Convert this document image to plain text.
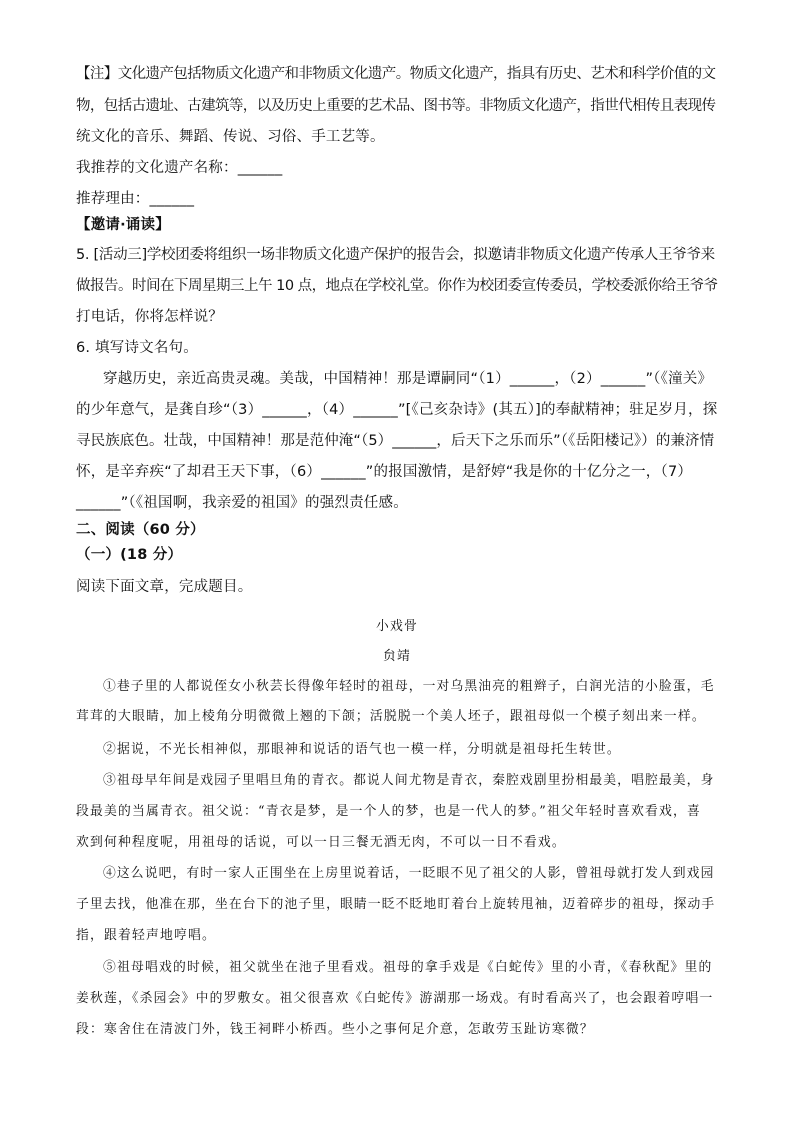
【注】文化遗产包括物质文化遗产和非物质文化遗产。物质文化遗产，指具有历史、艺术和科学价值的文
物，包括古遗址、古建筑等，以及历史上重要的艺术品、图书等。非物质文化遗产，指世代相传且表现传
统文化的音乐、舞蹈、传说、习俗、手工艺等。
我推荐的文化遗产名称：______
推荐理由：______
【邀请·诵读】
5. [活动三]学校团委将组织一场非物质文化遗产保护的报告会，拟邀请非物质文化遗产传承人王爷爷来
做报告。时间在下周星期三上午 10 点，地点在学校礼堂。你作为校团委宣传委员，学校委派你给王爷爷
打电话，你将怎样说？
6. 填写诗文名句。
穿越历史，亲近高贵灵魂。美哉，中国精神！那是谭嗣同“（1）______，（2）______”（《潼关》
的少年意气，是龚自珍“（3）______，（4）______”[《己亥杂诗》(其五）]的奉献精神；驻足岁月，探
寻民族底色。壮哉，中国精神！那是范仲淹“（5）______，后天下之乐而乐”（《岳阳楼记》）的兼济情
怀，是辛弃疾“了却君王天下事，（6）______”的报国激情，是舒婷“我是你的十亿分之一，（7）
______”（《祖国啊，我亲爱的祖国》的强烈责任感。
二、阅读（60 分）
（一）(18 分）
阅读下面文章，完成题目。
小戏骨
贠靖
①巷子里的人都说侄女小秋芸长得像年轻时的祖母，一对乌黑油亮的粗辫子，白润光洁的小脸蛋，毛
茸茸的大眼睛，加上棱角分明微微上翘的下颌；活脱脱一个美人坯子，跟祖母似一个模子刻出来一样。
②据说，不光长相神似，那眼神和说话的语气也一模一样，分明就是祖母托生转世。
③祖母早年间是戏园子里唱旦角的青衣。都说人间尤物是青衣，秦腔戏剧里扮相最美，唱腔最美，身
段最美的当属青衣。祖父说：“青衣是梦，是一个人的梦，也是一代人的梦。”祖父年轻时喜欢看戏，喜
欢到何种程度呢，用祖母的话说，可以一日三餐无酒无肉，不可以一日不看戏。
④这么说吧，有时一家人正围坐在上房里说着话，一眨眼不见了祖父的人影，曾祖母就打发人到戏园
子里去找，他准在那，坐在台下的池子里，眼睛一眨不眨地盯着台上旋转甩袖，迈着碎步的祖母，探动手
指，跟着轻声地哼唱。
⑤祖母唱戏的时候，祖父就坐在池子里看戏。祖母的拿手戏是《白蛇传》里的小青，《春秋配》里的
姜秋莲，《杀园会》中的罗敷女。祖父很喜欢《白蛇传》游湖那一场戏。有时看高兴了，也会跟着哼唱一
段：寒舍住在清波门外，钱王祠畔小桥西。些小之事何足介意，怎敢劳玉趾访寒微？
